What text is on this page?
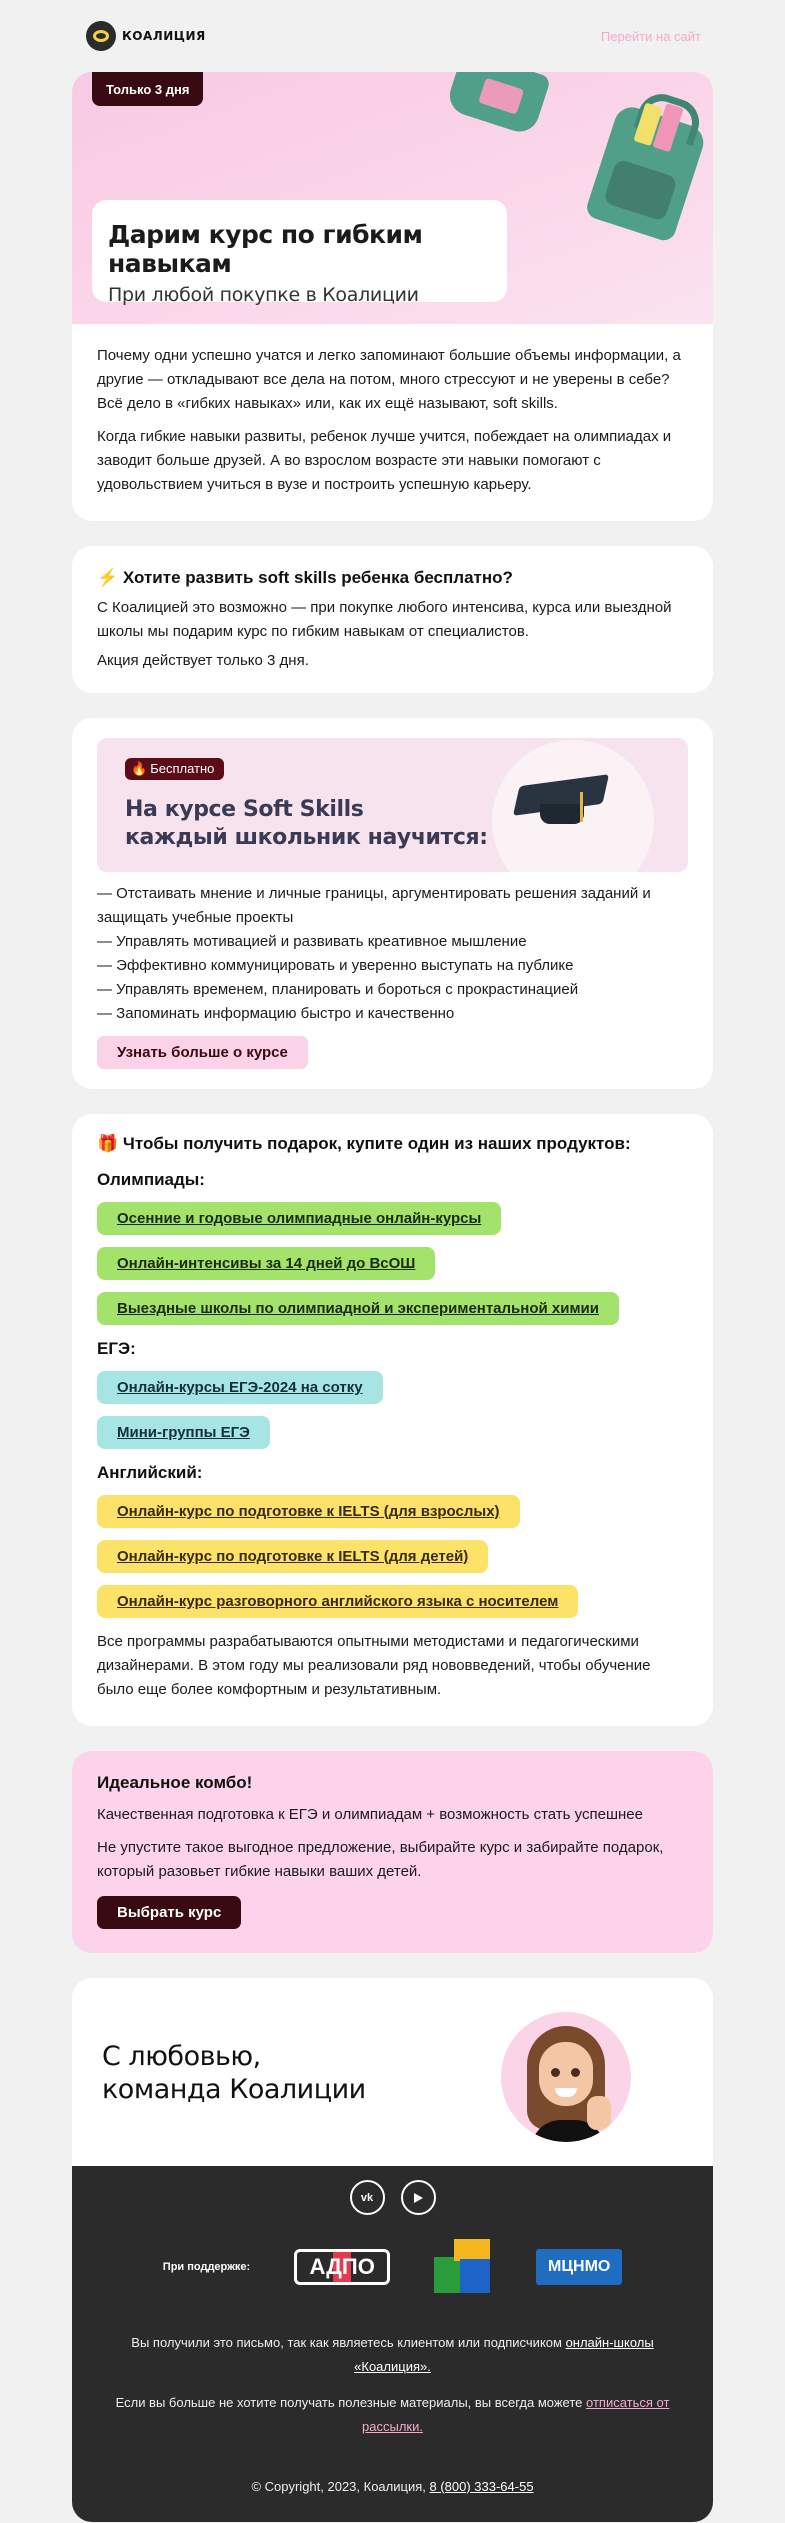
КОАЛИЦИЯ	Перейти на сайт
Только 3 дня
Дарим курс по гибким навыкам
При любой покупке в Коалиции

Почему одни успешно учатся и легко запоминают большие объемы информации, а другие — откладывают все дела на потом, много стрессуют и не уверены в себе? Всё дело в «гибких навыках» или, как их ещё называют, soft skills.

Когда гибкие навыки развиты, ребенок лучше учится, побеждает на олимпиадах и заводит больше друзей. А во взрослом возрасте эти навыки помогают с удовольствием учиться в вузе и построить успешную карьеру.

⚡ Хотите развить soft skills ребенка бесплатно?

С Коалицией это возможно — при покупке любого интенсива, курса или выездной школы мы подарим курс по гибким навыкам от специалистов.

Акция действует только 3 дня.

🔥 Бесплатно
На курсе Soft Skills
каждый школьник научится:

— Отстаивать мнение и личные границы, аргументировать решения заданий и защищать учебные проекты

— Управлять мотивацией и развивать креативное мышление

— Эффективно коммуницировать и уверенно выступать на публике

— Управлять временем, планировать и бороться с прокрастинацией

— Запоминать информацию быстро и качественно

Узнать больше о курсе
🎁 Чтобы получить подарок, купите один из наших продуктов:
Олимпиады:
Осенние и годовые олимпиадные онлайн-курсы
Онлайн-интенсивы за 14 дней до ВсОШ
Выездные школы по олимпиадной и экспериментальной химии
ЕГЭ:
Онлайн-курсы ЕГЭ-2024 на сотку
Мини-группы ЕГЭ
Английский:
Онлайн-курс по подготовке к IELTS (для взрослых)
Онлайн-курс по подготовке к IELTS (для детей)
Онлайн-курс разговорного английского языка с носителем

Все программы разрабатываются опытными методистами и педагогическими дизайнерами. В этом году мы реализовали ряд нововведений, чтобы обучение было еще более комфортным и результативным.

Идеальное комбо!

Качественная подготовка к ЕГЭ и олимпиадам + возможность стать успешнее

Не упустите такое выгодное предложение, выбирайте курс и забирайте подарок, который разовьет гибкие навыки ваших детей.

Выбрать курс
С любовью,
команда Коалиции
vk
При поддержке:	АДПО	МЦНМО

Вы получили это письмо, так как являетесь клиентом или подписчиком онлайн-школы «Коалиция».

Если вы больше не хотите получать полезные материалы, вы всегда можете отписаться от рассылки.

© Copyright, 2023, Коалиция, 8 (800) 333-64-55
